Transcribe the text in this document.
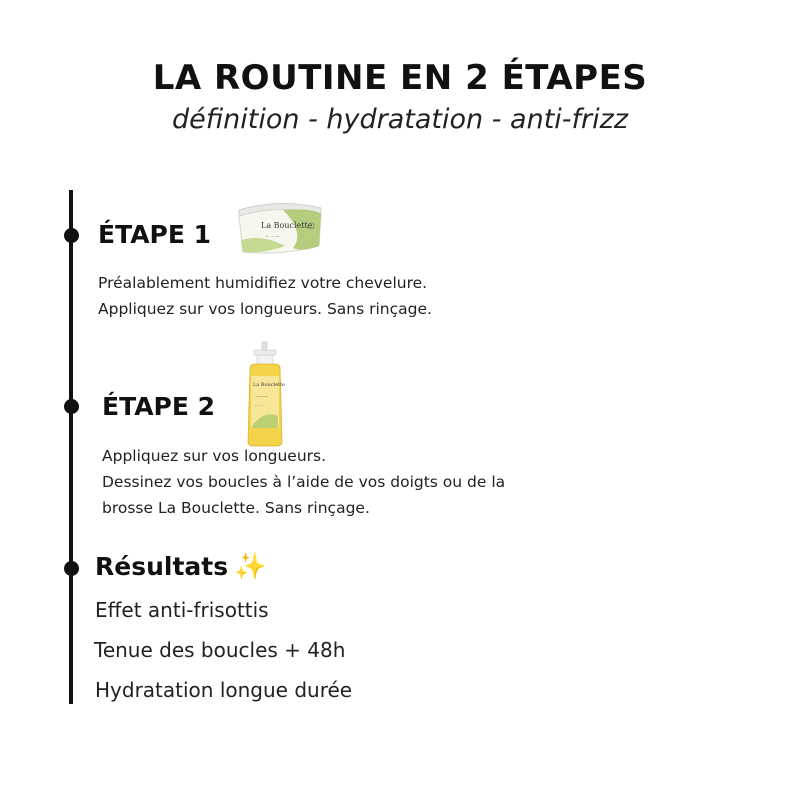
LA ROUTINE EN 2 ÉTAPES
définition - hydratation - anti-frizz
ÉTAPE 1	La Bouclette
— ⋯ —
Préalablement humidifiez votre chevelure.
Appliquez sur vos longueurs. Sans rinçage.
ÉTAPE 2
La Bouclette
~~~~
— ⋯ —
Appliquez sur vos longueurs.
Dessinez vos boucles à l’aide de vos doigts ou de la
brosse La Bouclette. Sans rinçage.
Résultats ✨
Effet anti-frisottis
Tenue des boucles + 48h
Hydratation longue durée
